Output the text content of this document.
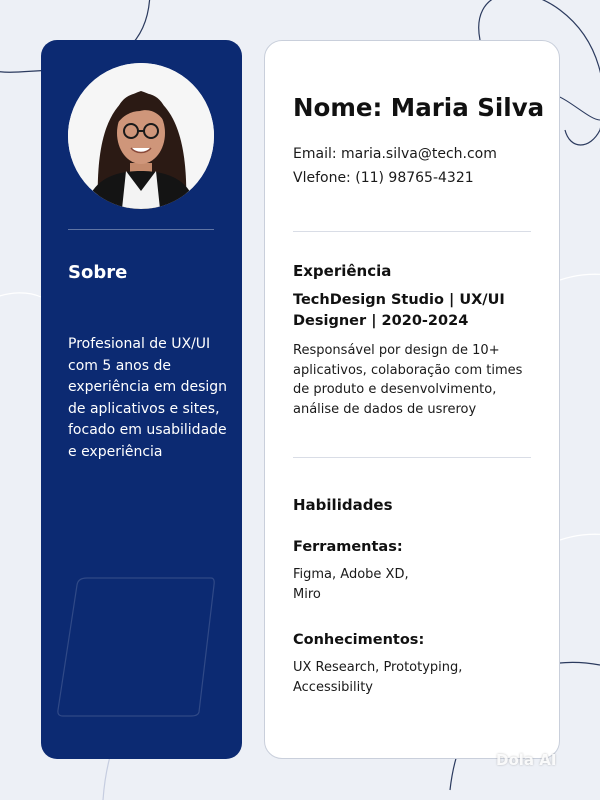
Sobre
Profesional de UX/UI com 5 anos de experiência em design de aplicativos e sites, focado em usabilidade e experiência
Nome: Maria Silva
Email: maria.silva@tech.com
Vlefone: (11) 98765-4321
Experiência
TechDesign Studio | UX/UI Designer | 2020-2024
Responsável por design de 10+ aplicativos, colaboração com times de produto e desenvolvimento, análise de dados de usreroy
Habilidades
Ferramentas:
Figma, Adobe XD, Miro
Conhecimentos:
UX Research, Prototyping, Accessibility
Dola AI
